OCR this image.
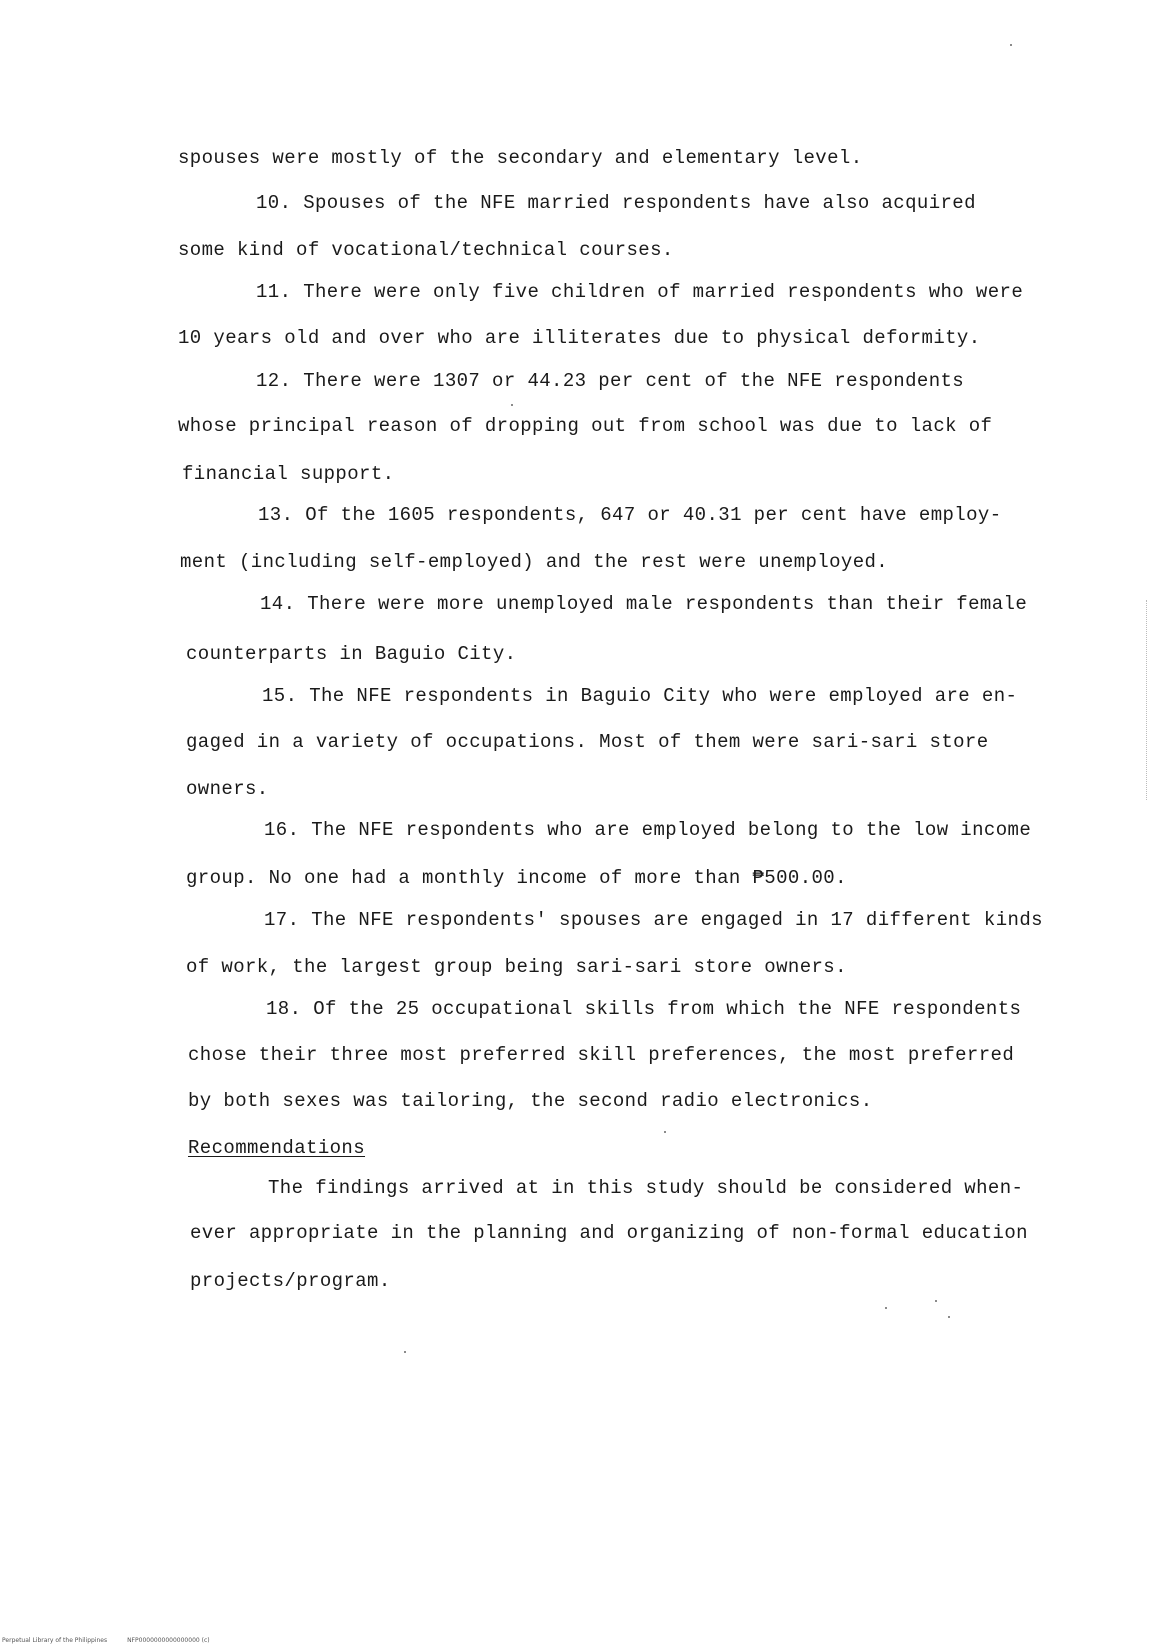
spouses were mostly of the secondary and elementary level.
10. Spouses of the NFE married respondents have also acquired
some kind of vocational/technical courses.
11. There were only five children of married respondents who were
10 years old and over who are illiterates due to physical deformity.
12. There were 1307 or 44.23 per cent of the NFE respondents
whose principal reason of dropping out from school was due to lack of
financial support.
13. Of the 1605 respondents, 647 or 40.31 per cent have employ-
ment (including self-employed) and the rest were unemployed.
14. There were more unemployed male respondents than their female
counterparts in Baguio City.
15. The NFE respondents in Baguio City who were employed are en-
gaged in a variety of occupations. Most of them were sari-sari store
owners.
16. The NFE respondents who are employed belong to the low income
group. No one had a monthly income of more than ₱500.00.
17. The NFE respondents' spouses are engaged in 17 different kinds
of work, the largest group being sari-sari store owners.
18. Of the 25 occupational skills from which the NFE respondents
chose their three most preferred skill preferences, the most preferred
by both sexes was tailoring, the second radio electronics.
Recommendations
The findings arrived at in this study should be considered when-
ever appropriate in the planning and organizing of non-formal education
projects/program.
Perpetual Library of the Philippines	NFP0000000000000000 (c)
